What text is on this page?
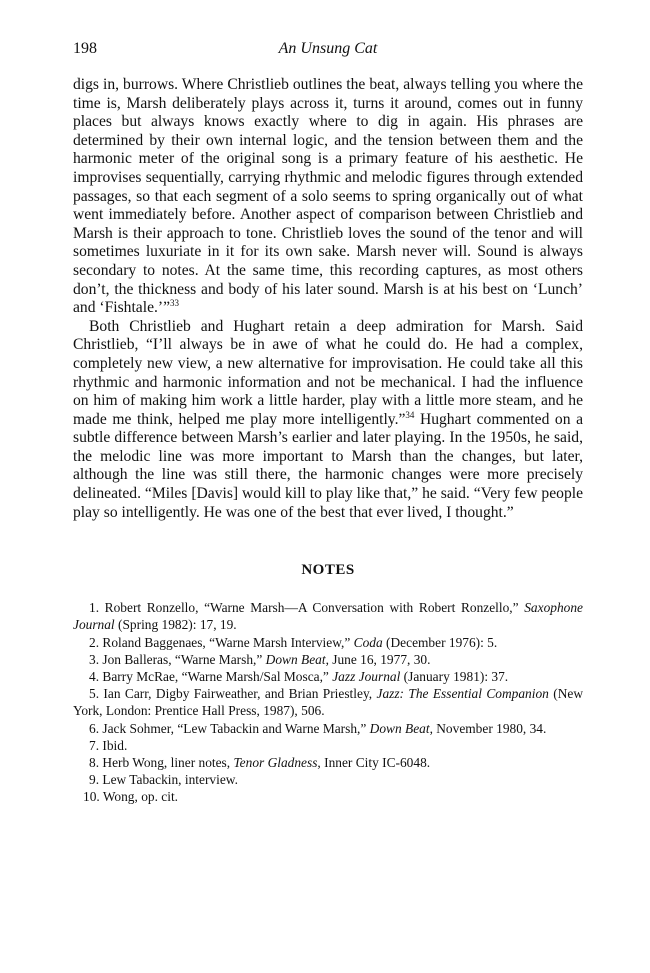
198	An Unsung Cat

digs in, burrows. Where Christlieb outlines the beat, always telling you where the time is, Marsh deliberately plays across it, turns it around, comes out in funny places but always knows exactly where to dig in again. His phrases are determined by their own internal logic, and the tension between them and the harmonic meter of the original song is a primary feature of his aesthetic. He improvises sequentially, carrying rhythmic and melodic figures through extended passages, so that each segment of a solo seems to spring organically out of what went immediately before. Another aspect of comparison between Christlieb and Marsh is their approach to tone. Christlieb loves the sound of the tenor and will sometimes luxuriate in it for its own sake. Marsh never will. Sound is always secondary to notes. At the same time, this recording captures, as most others don’t, the thickness and body of his later sound. Marsh is at his best on ‘Lunch’ and ‘Fishtale.’”$^{33}$

Both Christlieb and Hughart retain a deep admiration for Marsh. Said Christlieb, “I’ll always be in awe of what he could do. He had a complex, completely new view, a new alternative for improvisation. He could take all this rhythmic and harmonic information and not be mechanical. I had the influence on him of making him work a little harder, play with a little more steam, and he made me think, helped me play more intelligently.”$^{34}$ Hughart commented on a subtle difference between Marsh’s earlier and later playing. In the 1950s, he said, the melodic line was more important to Marsh than the changes, but later, although the line was still there, the harmonic changes were more precisely delineated. “Miles [Davis] would kill to play like that,” he said. “Very few people play so intelligently. He was one of the best that ever lived, I thought.”

NOTES
1. Robert Ronzello, “Warne Marsh—A Conversation with Robert Ronzello,” Saxophone Journal (Spring 1982): 17, 19.
2. Roland Baggenaes, “Warne Marsh Interview,” Coda (December 1976): 5.
3. Jon Balleras, “Warne Marsh,” Down Beat, June 16, 1977, 30.
4. Barry McRae, “Warne Marsh/Sal Mosca,” Jazz Journal (January 1981): 37.
5. Ian Carr, Digby Fairweather, and Brian Priestley, Jazz: The Essential Companion (New York, London: Prentice Hall Press, 1987), 506.
6. Jack Sohmer, “Lew Tabackin and Warne Marsh,” Down Beat, November 1980, 34.
7. Ibid.
8. Herb Wong, liner notes, Tenor Gladness, Inner City IC-6048.
9. Lew Tabackin, interview.
10. Wong, op. cit.
